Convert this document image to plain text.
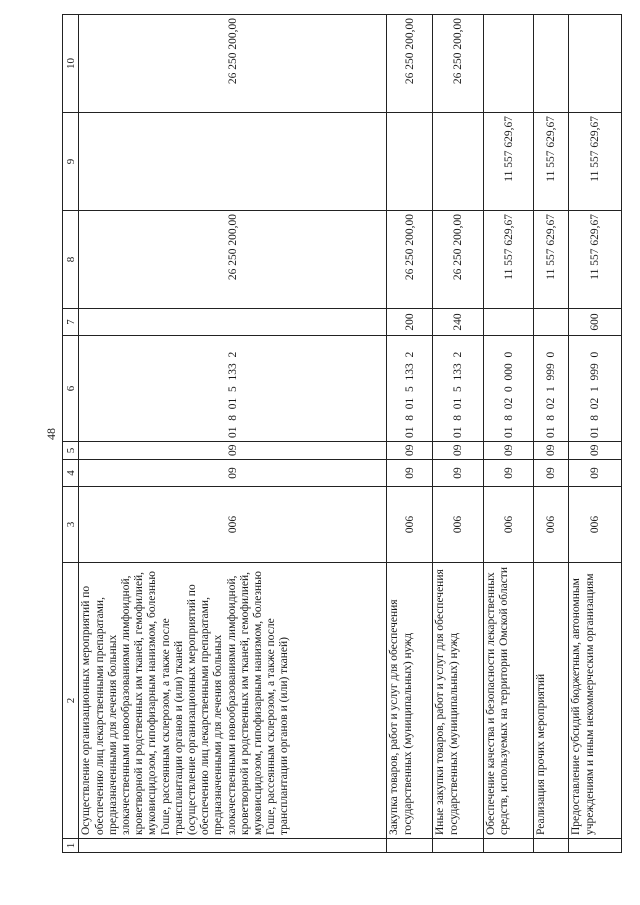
48
1	2	3	4	5	6	7	8	9	10
	Осуществление организационных мероприятий по обеспечению лиц лекарственными препаратами, предназначенными для лечения больных злокачественными новообразованиями лимфоидной, кроветворной и родственных им тканей, гемофилией, муковисцидозом, гипофизарным нанизмом, болезнью Гоше, рассеянным склерозом, а также после трансплантации органов и (или) тканей (осуществление организационных мероприятий по обеспечению лиц лекарственными препаратами, предназначенными для лечения больных злокачественными новообразованиями лимфоидной, кроветворной и родственных им тканей, гемофилией, муковисцидозом, гипофизарным нанизмом, болезнью Гоше, рассеянным склерозом, а также после трансплантации органов и (или) тканей)	006	09	09	01  8  01  5  133  2		26 250 200,00		26 250 200,00
	Закупка товаров, работ и услуг для обеспечения государственных (муниципальных) нужд	006	09	09	01  8  01  5  133  2	200	26 250 200,00		26 250 200,00
	Иные закупки товаров, работ и услуг для обеспечения государственных (муниципальных) нужд	006	09	09	01  8  01  5  133  2	240	26 250 200,00		26 250 200,00
	Обеспечение качества и безопасности лекарственных средств, используемых на территории Омской области	006	09	09	01  8  02  0  000  0		11 557 629,67	11 557 629,67	
	Реализация прочих мероприятий	006	09	09	01  8  02  1  999  0		11 557 629,67	11 557 629,67	
	Предоставление субсидий бюджетным, автономным учреждениям и иным некоммерческим организациям	006	09	09	01  8  02  1  999  0	600	11 557 629,67	11 557 629,67	
